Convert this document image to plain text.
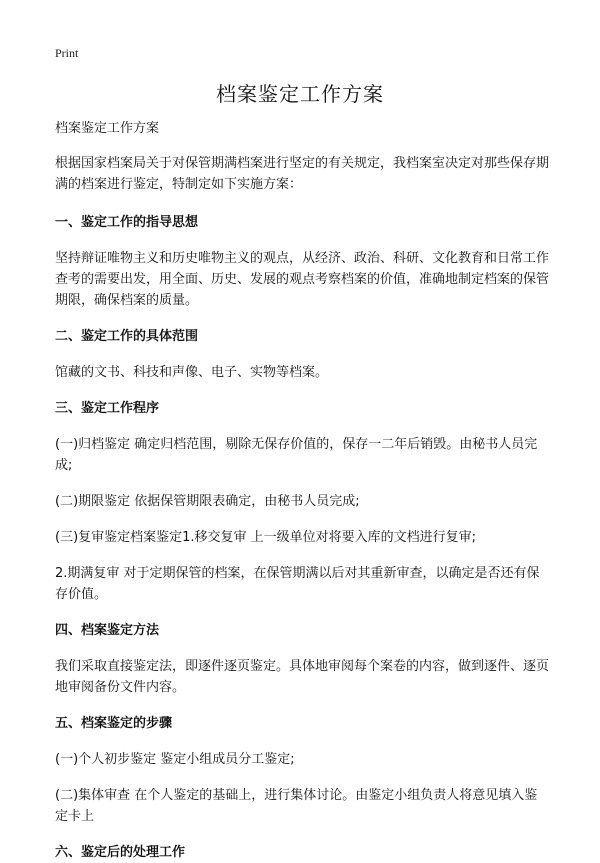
Print
档案鉴定工作方案

档案鉴定工作方案

根据国家档案局关于对保管期满档案进行坚定的有关规定，我档案室决定对那些保存期满的档案进行鉴定，特制定如下实施方案：

一、鉴定工作的指导思想

坚持辩证唯物主义和历史唯物主义的观点，从经济、政治、科研、文化教育和日常工作查考的需要出发，用全面、历史、发展的观点考察档案的价值，准确地制定档案的保管期限，确保档案的质量。

二、鉴定工作的具体范围

馆藏的文书、科技和声像、电子、实物等档案。

三、鉴定工作程序

(一)归档鉴定 确定归档范围，剔除无保存价值的，保存一二年后销毁。由秘书人员完成;

(二)期限鉴定 依据保管期限表确定，由秘书人员完成;

(三)复审鉴定档案鉴定1.移交复审 上一级单位对将要入库的文档进行复审;

2.期满复审 对于定期保管的档案，在保管期满以后对其重新审查，以确定是否还有保存价值。

四、档案鉴定方法

我们采取直接鉴定法，即逐件逐页鉴定。具体地审阅每个案卷的内容，做到逐件、逐页地审阅备份文件内容。

五、档案鉴定的步骤

(一)个人初步鉴定 鉴定小组成员分工鉴定;

(二)集体审查 在个人鉴定的基础上，进行集体讨论。由鉴定小组负责人将意见填入鉴定卡上

六、鉴定后的处理工作
